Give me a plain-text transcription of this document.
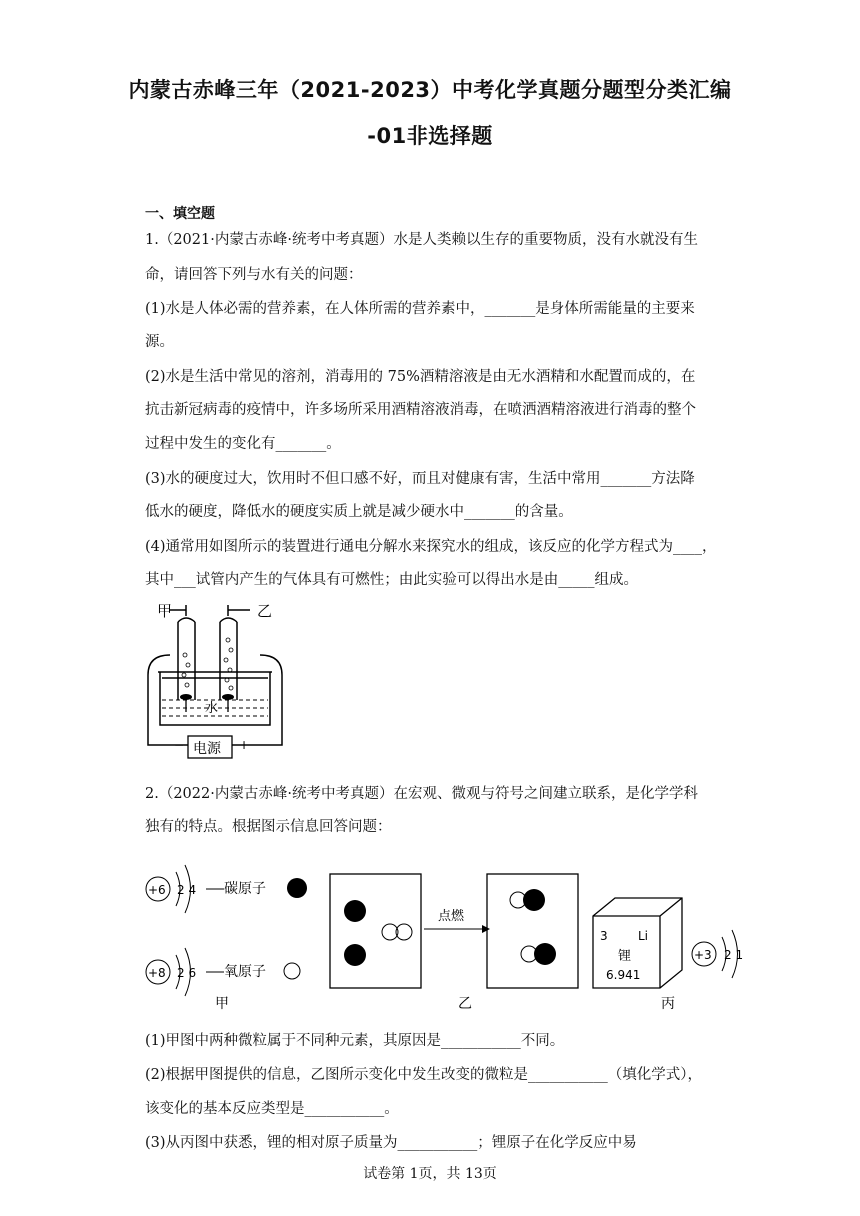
内蒙古赤峰三年（2021-2023）中考化学真题分题型分类汇编
-01非选择题
一、填空题
1.（2021·内蒙古赤峰·统考中考真题）水是人类赖以生存的重要物质，没有水就没有生
命，请回答下列与水有关的问题：
(1)水是人体必需的营养素，在人体所需的营养素中，_______是身体所需能量的主要来
源。
(2)水是生活中常见的溶剂，消毒用的 75%酒精溶液是由无水酒精和水配置而成的，在
抗击新冠病毒的疫情中，许多场所采用酒精溶液消毒，在喷洒酒精溶液进行消毒的整个
过程中发生的变化有_______。
(3)水的硬度过大，饮用时不但口感不好，而且对健康有害，生活中常用_______方法降
低水的硬度，降低水的硬度实质上就是减少硬水中_______的含量。
(4)通常用如图所示的装置进行通电分解水来探究水的组成，该反应的化学方程式为____，
其中___试管内产生的气体具有可燃性；由此实验可以得出水是由_____组成。
甲	乙
水
电源
−	+
2.（2022·内蒙古赤峰·统考中考真题）在宏观、微观与符号之间建立联系，是化学学科
独有的特点。根据图示信息回答问题：
+6 2 4 碳原子
+8 2 6 氧原子
甲
点燃
乙
3	Li
锂
6.941
丙
+3 2 1
(1)甲图中两种微粒属于不同种元素，其原因是___________不同。
(2)根据甲图提供的信息，乙图所示变化中发生改变的微粒是___________（填化学式），
该变化的基本反应类型是___________。
(3)从丙图中获悉，锂的相对原子质量为___________；锂原子在化学反应中易
试卷第 1页，共 13页
